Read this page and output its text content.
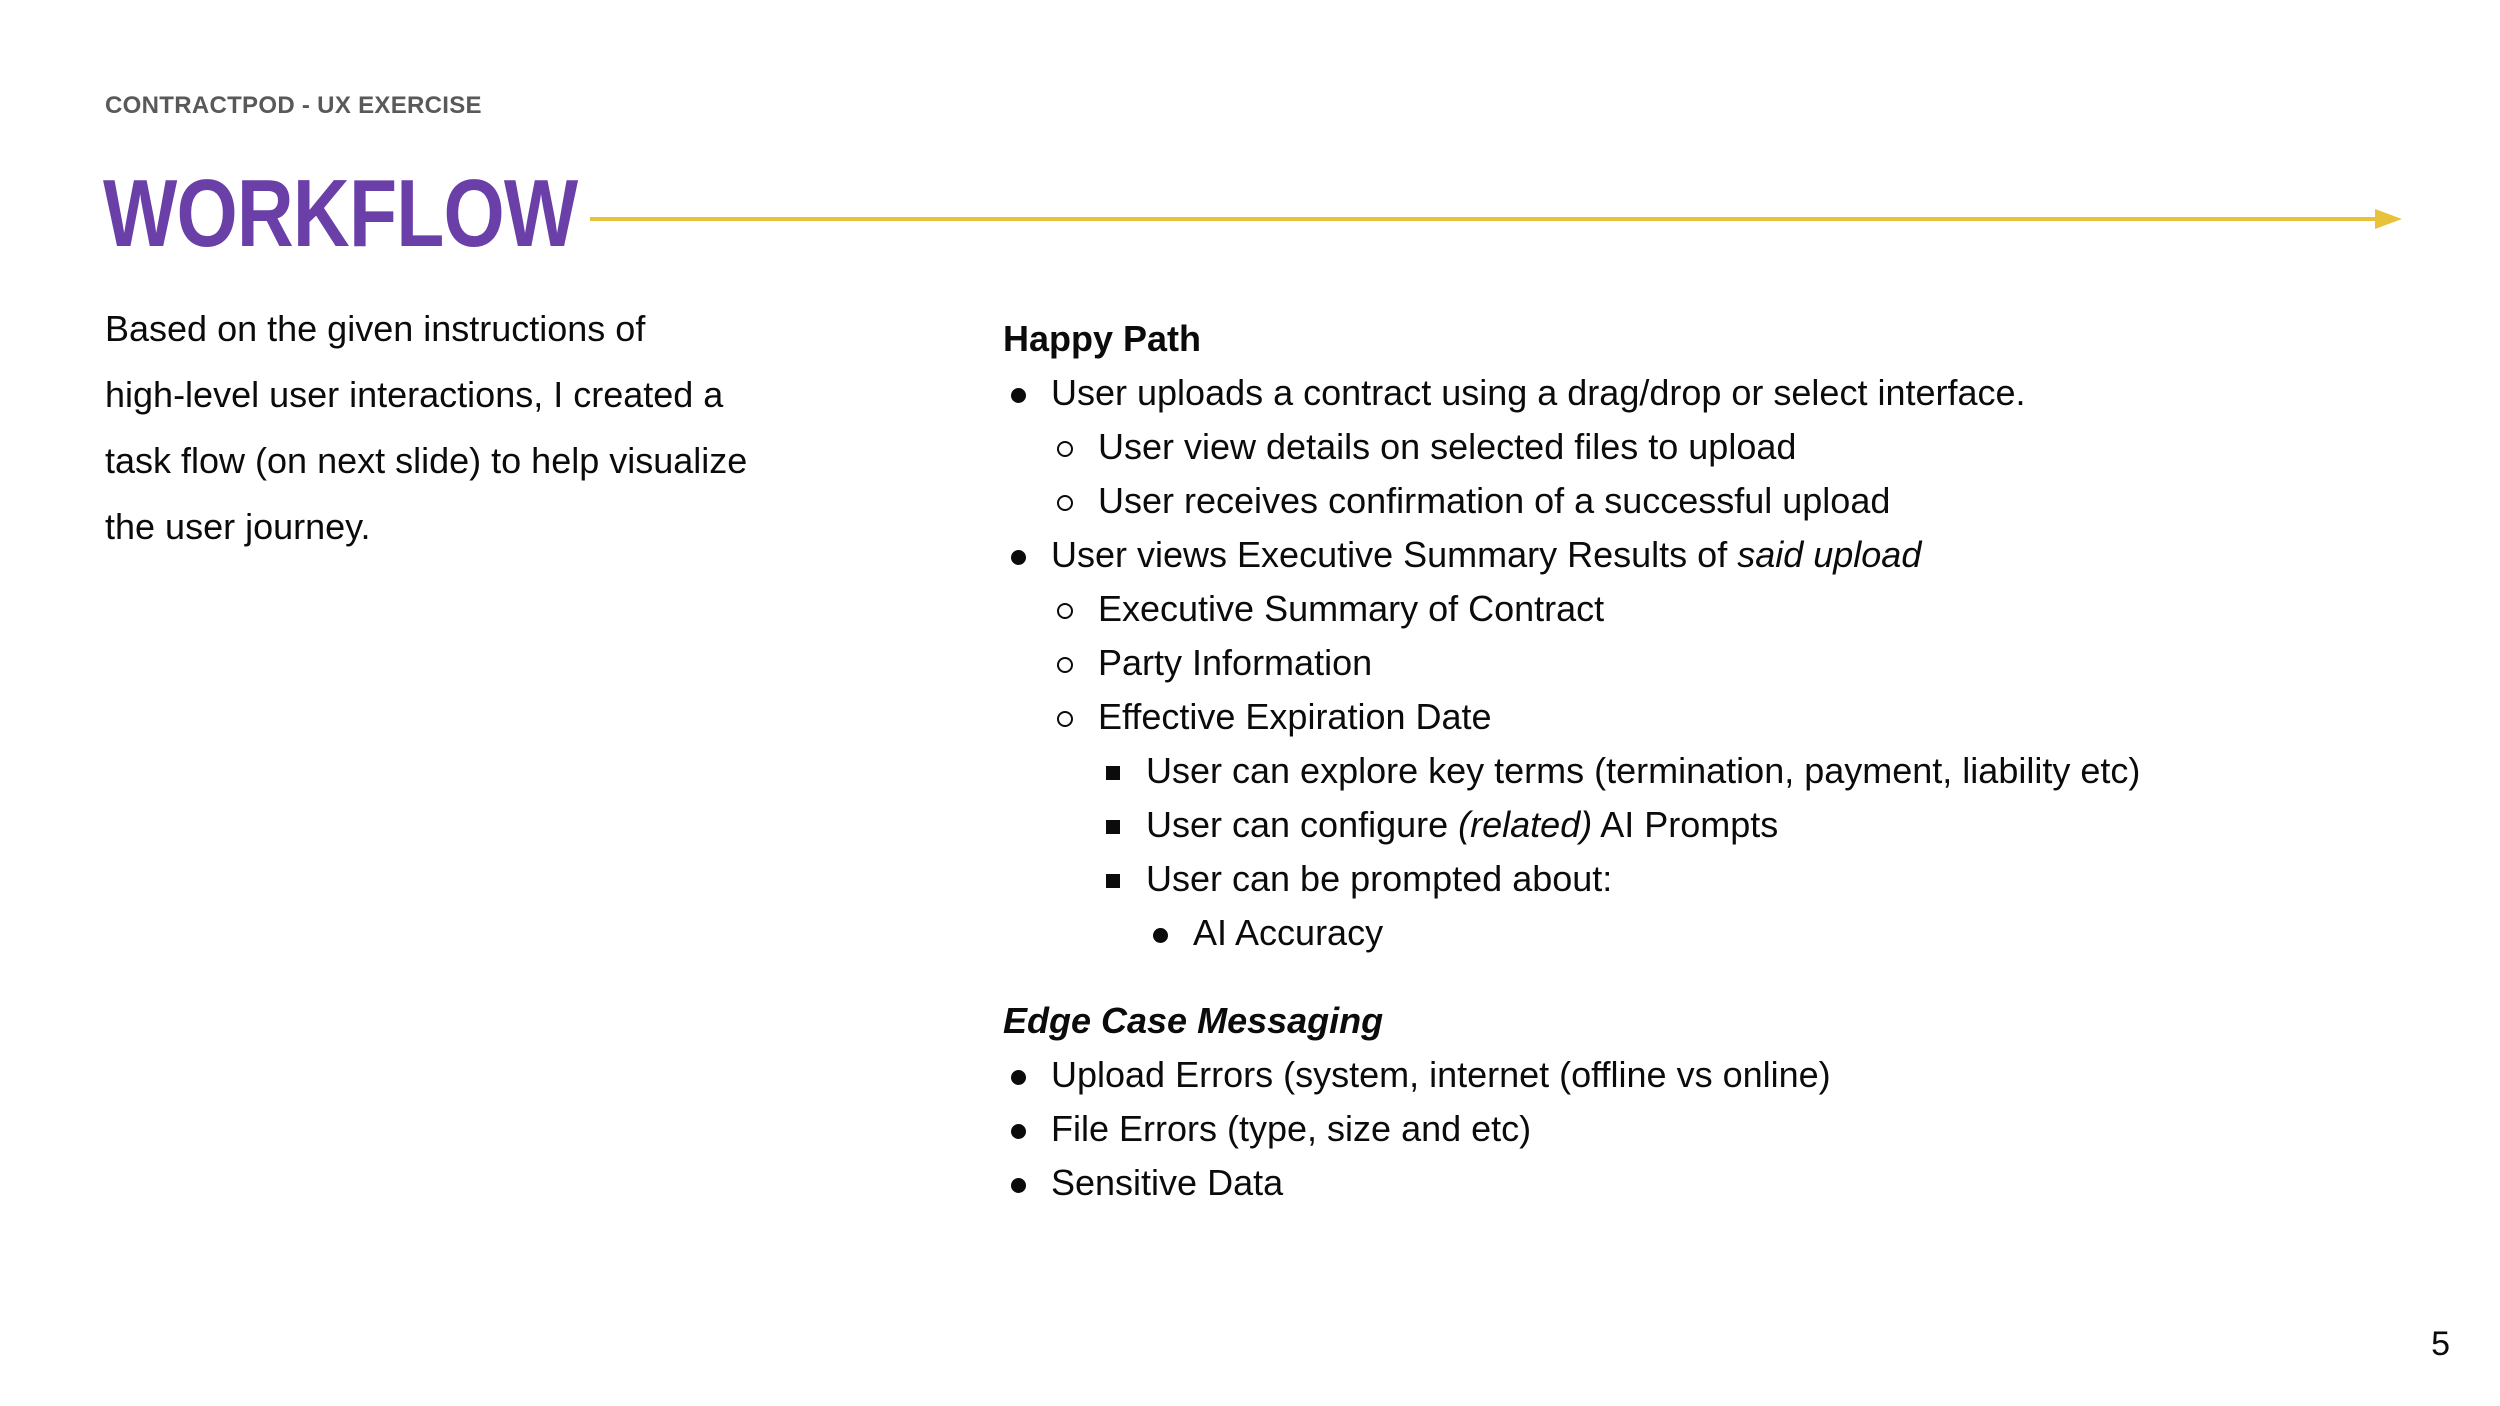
CONTRACTPOD - UX EXERCISE
WORKFLOW
Based on the given instructions of
high-level user interactions, I created a
task flow (on next slide) to help visualize
the user journey.
Happy Path
User uploads a contract using a drag/drop or select interface.
User view details on selected files to upload
User receives confirmation of a successful upload
User views Executive Summary Results of said upload
Executive Summary of Contract
Party Information
Effective Expiration Date
User can explore key terms (termination, payment, liability etc)
User can configure (related) AI Prompts
User can be prompted about:
AI Accuracy
Edge Case Messaging
Upload Errors (system, internet (offline vs online)
File Errors (type, size and etc)
Sensitive Data
5
